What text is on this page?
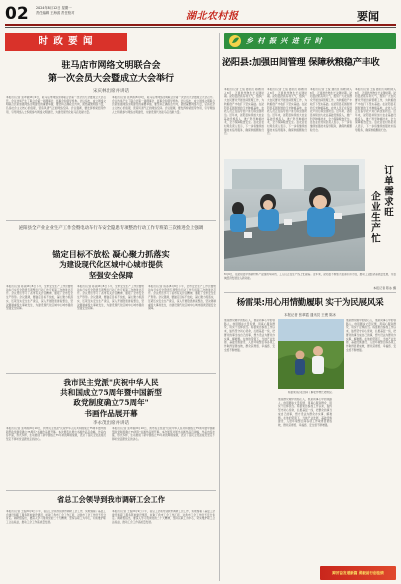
02 2024年8月12日 星期一
责任编辑 王海滨 责任校对	湖北农村报	要闻
时 政 要 闻
驻马店市网络文明联合会
第一次会员大会暨成立大会举行
宋庆林出席并讲话
本报讯(记者 张翠霞)8月9日，驻马店市网络文明联合会第一次会员大会暨成立大会召开。会议选举产生了联合会第一届理事会、监事会和领导机构。会议指出，成立网络文明联合会是加强网络文明建设的重要举措，要坚持正确政治方向，团结凝聚网络力量，弘扬社会主义核心价值观，营造风清气正的网络空间。会议强调，要发挥桥梁纽带作用，引导网络人士积极参与网络文明建设，为建设现代化驻马店贡献力量。
本报讯(记者 张翠霞)8月9日，驻马店市网络文明联合会第一次会员大会暨成立大会召开。会议选举产生了联合会第一届理事会、监事会和领导机构。会议指出，成立网络文明联合会是加强网络文明建设的重要举措，要坚持正确政治方向，团结凝聚网络力量，弘扬社会主义核心价值观，营造风清气正的网络空间。会议强调，要发挥桥梁纽带作用，引导网络人士积极参与网络文明建设，为建设现代化驻马店贡献力量。
泌阳县全产业企业生产工作会暨电动车行车安全隐患专项整治行动工作专班第三次推进会上强调
锚定目标不放松 凝心聚力抓落实
为建设现代化区城中心城市提供
坚强安全保障
本报讯(记者 陈冰)8月8日下午，全市安全生产工作会暨电动车行车安全隐患专项整治行动工作专班第三次推进会召开。会议传达学习了省市有关会议精神，通报了全市安全生产形势。会议强调，要锚定目标不放松，凝心聚力抓落实，压紧压实安全生产责任，深入开展隐患排查整治，坚决遏制重特大事故发生，为建设现代化区域中心城市提供坚强安全保障。
本报讯(记者 陈冰)8月8日下午，全市安全生产工作会暨电动车行车安全隐患专项整治行动工作专班第三次推进会召开。会议传达学习了省市有关会议精神，通报了全市安全生产形势。会议强调，要锚定目标不放松，凝心聚力抓落实，压紧压实安全生产责任，深入开展隐患排查整治，坚决遏制重特大事故发生，为建设现代化区域中心城市提供坚强安全保障。
本报讯(记者 陈冰)8月8日下午，全市安全生产工作会暨电动车行车安全隐患专项整治行动工作专班第三次推进会召开。会议传达学习了省市有关会议精神，通报了全市安全生产形势。会议强调，要锚定目标不放松，凝心聚力抓落实，压紧压实安全生产责任，深入开展隐患排查整治，坚决遏制重特大事故发生，为建设现代化区域中心城市提供坚强安全保障。
我市民主党派"庆祝中华人民
共和国成立75周年暨中国新型
政党制度确立75周年"
书画作品展开幕
李永茂出席并讲话
本报讯(记者 张翠霞)8月10日，我市民主党派"庆祝中华人民共和国成立75周年暨中国新型政党制度确立75周年"书画作品展开幕。本次展览共展出书画作品百余幅，作品内容丰富，形式多样，生动展现了新中国成立75年来的辉煌成就，表达了各民主党派成员坚定不移听党话跟党走的决心。
本报讯(记者 张翠霞)8月10日，我市民主党派"庆祝中华人民共和国成立75周年暨中国新型政党制度确立75周年"书画作品展开幕。本次展览共展出书画作品百余幅，作品内容丰富，形式多样，生动展现了新中国成立75年来的辉煌成就，表达了各民主党派成员坚定不移听党话跟党走的决心。
省总工会领导到我市调研工会工作
本报讯(记者 王俊)8月9日下午，省总工会领导到我市调研工会工作，实地察看了基层工会建设和职工服务阵地建设情况，听取了我市工会工作汇报，对我市工会工作给予充分肯定。调研组指出，要深入学习贯彻党的二十大精神，坚持以职工为中心，切实维护职工合法权益，推动工会工作高质量发展。
本报讯(记者 王俊)8月9日下午，省总工会领导到我市调研工会工作，实地察看了基层工会建设和职工服务阵地建设情况，听取了我市工会工作汇报，对我市工会工作给予充分肯定。调研组指出，要深入学习贯彻党的二十大精神，坚持以职工为中心，切实维护职工合法权益，推动工会工作高质量发展。
乡 村 振 兴 进 行 时
泌阳县:加强田间管理 保障秋粮稳产丰收
本报讯(记者 王俊 通讯员 陈晓)进入8月，正值秋作物生长关键时期。泌阳县抢抓有利天气，组织广大农民群众开展田间管理工作，为秋粮稳产丰收打下坚实基础。在泌阳县花园街道的玉米种植基地，农技人员正在指导农户进行病虫害防治。近年来，泌阳县持续加大农业基础设施投入，推广科学种植技术，全力保障粮食安全。县农业农村局负责人表示，下一步将继续加强技术指导服务，确保秋粮颗粒归仓。
本报讯(记者 王俊 通讯员 陈晓)进入8月，正值秋作物生长关键时期。泌阳县抢抓有利天气，组织广大农民群众开展田间管理工作，为秋粮稳产丰收打下坚实基础。在泌阳县花园街道的玉米种植基地，农技人员正在指导农户进行病虫害防治。近年来，泌阳县持续加大农业基础设施投入，推广科学种植技术，全力保障粮食安全。县农业农村局负责人表示，下一步将继续加强技术指导服务，确保秋粮颗粒归仓。
本报讯(记者 王俊 通讯员 陈晓)进入8月，正值秋作物生长关键时期。泌阳县抢抓有利天气，组织广大农民群众开展田间管理工作，为秋粮稳产丰收打下坚实基础。在泌阳县花园街道的玉米种植基地，农技人员正在指导农户进行病虫害防治。近年来，泌阳县持续加大农业基础设施投入，推广科学种植技术，全力保障粮食安全。县农业农村局负责人表示，下一步将继续加强技术指导服务，确保秋粮颗粒归仓。
本报讯(记者 王俊 通讯员 陈晓)进入8月，正值秋作物生长关键时期。泌阳县抢抓有利天气，组织广大农民群众开展田间管理工作，为秋粮稳产丰收打下坚实基础。在泌阳县花园街道的玉米种植基地，农技人员正在指导农户进行病虫害防治。近年来，泌阳县持续加大农业基础设施投入，推广科学种植技术，全力保障粮食安全。县农业农村局负责人表示，下一步将继续加强技术指导服务，确保秋粮颗粒归仓。
订单需求旺
企业生产忙
8月6日，在泌阳县中伟新材料产业园的车间内，工人们正在生产线上忙碌着。近年来，泌阳县不断加大招商引资力度，推动工业经济高质量发展，为县域经济发展注入新动能。
本报记者 陈冰 摄
杨雷果:用心用情勤履职 实干为民展风采
本报记者 张翠霞 通讯员 王俊 陈冰
杨雷果(右)在田间了解农作物长势情况。
他是群众眼中的贴心人，他是同事心中的领路人。他用脚步丈量民情，用真心服务群众，用实干诠释担当。杨雷果自参加工作以来，始终坚守初心使命，扎根基层一线，把群众的事当成自己的事，想方设法为群众办实事、解难题。在他的带领下，当地产业发展、基础设施建设、人居环境整治等各项工作取得显著成效，群众获得感、幸福感、安全感不断增强。
他是群众眼中的贴心人，他是同事心中的领路人。他用脚步丈量民情，用真心服务群众，用实干诠释担当。杨雷果自参加工作以来，始终坚守初心使命，扎根基层一线，把群众的事当成自己的事，想方设法为群众办实事、解难题。在他的带领下，当地产业发展、基础设施建设、人居环境整治等各项工作取得显著成效，群众获得感、幸福感、安全感不断增强。
他是群众眼中的贴心人，他是同事心中的领路人。他用脚步丈量民情，用真心服务群众，用实干诠释担当。杨雷果自参加工作以来，始终坚守初心使命，扎根基层一线，把群众的事当成自己的事，想方设法为群众办实事、解难题。在他的带领下，当地产业发展、基础设施建设、人居环境整治等各项工作取得显著成效，群众获得感、幸福感、安全感不断增强。
踔厉奋发谱新篇 勇毅前行创佳绩
